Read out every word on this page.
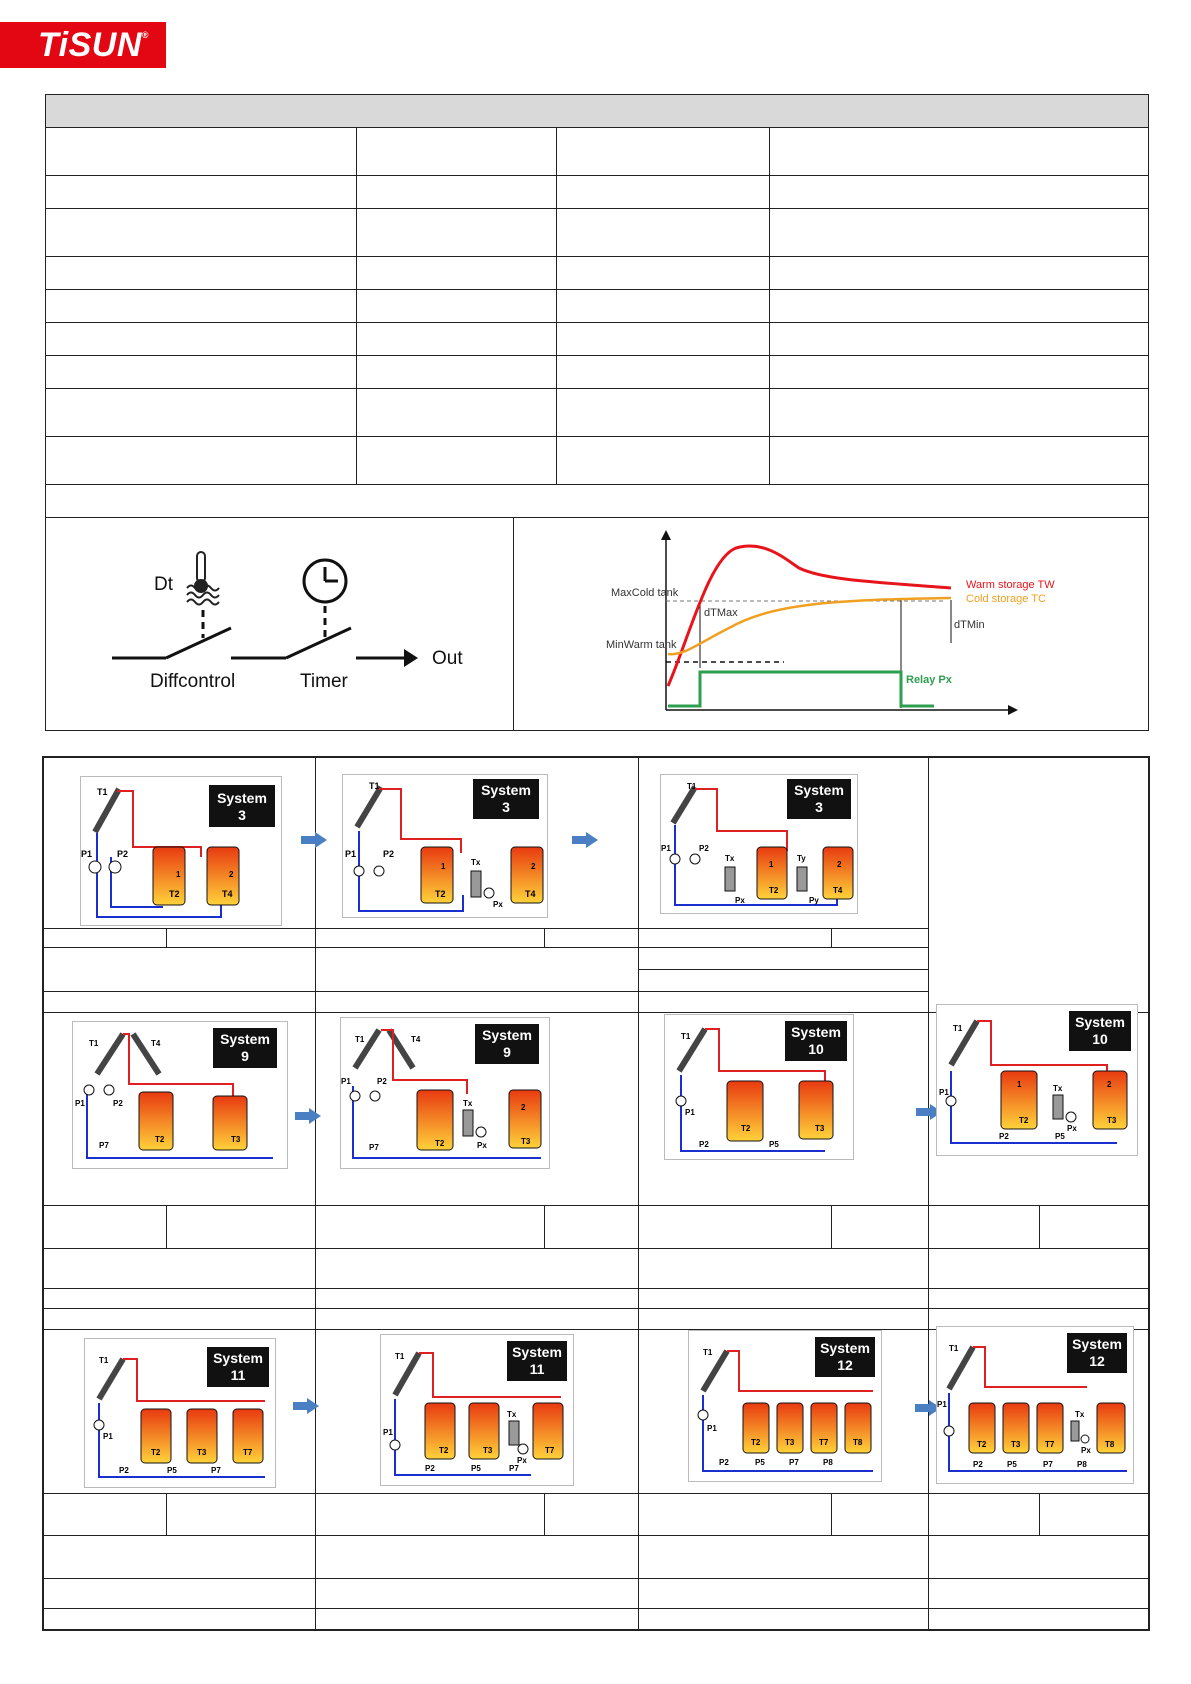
TiSUN®
Dt
Out
Diffcontrol	Timer
MaxCold tank
MinWarm tank
dTMax
dTMin
Warm storage TW
Cold storage TC
Relay Px
System
3
T1
P1	P2
1	2
T2	T4
System
3
T1
P1	P2
1	2
T2	T4
Tx
Px
System
3
T1
P1	P2
Tx	Ty
Px	Py
1	2
T2	T4
System
9
T1	T4
P1	P2
P7
T2	T3
System
9
T1	T4
P1	P2
P7
Tx
Px
2
T2	T3
System
10
T1
P1
P2	P5
T2	T3
System
10
T1
P1
P2	P5
Tx
Px
1	2
T2	T3
System
11
T1
P1
P2	P5	P7
T2	T3	T7
System
11
T1
P1
P2	P5	P7
Tx
Px
T2	T3	T7
System
12
T1
P1
P2	P5	P7	P8
T2	T3	T7	T8
System
12
T1
P1
P2	P5	P7	P8
Tx
Px
T2	T3	T7	T8
